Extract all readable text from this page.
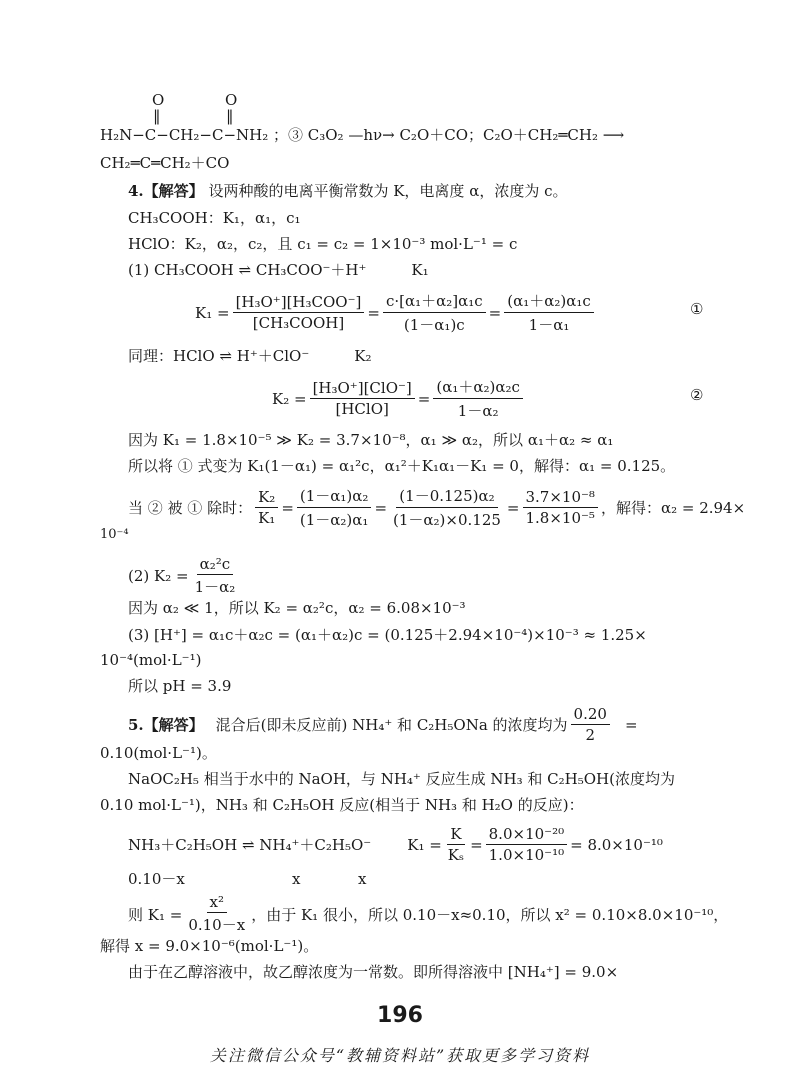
O	O
‖	‖
H₂N−C−CH₂−C−NH₂ ；③ C₃O₂ —hν→ C₂O＋CO；C₂O＋CH₂═CH₂ ⟶
CH₂═C═CH₂＋CO
4.【解答】 设两种酸的电离平衡常数为 K，电离度 α，浓度为 c。
CH₃COOH：K₁，α₁，c₁
HClO：K₂，α₂，c₂，且 c₁ = c₂ = 1×10⁻³ mol·L⁻¹ = c
(1) CH₃COOH ⇌ CH₃COO⁻＋H⁺　　　K₁
$K_1 = \frac{\text{[H₃O⁺][H₃COO⁻]}}{\text{[CH₃COOH]}} = \frac{\text{c·[α₁＋α₂]α₁c}}{\text{(1－α₁)c}} = \frac{\text{(α₁＋α₂)α₁c}}{\text{1－α₁}}$	①
同理：HClO ⇌ H⁺＋ClO⁻　　　K₂
$K_2 = \frac{\text{[H₃O⁺][ClO⁻]}}{\text{[HClO]}} = \frac{\text{(α₁＋α₂)α₂c}}{\text{1－α₂}}$	②
因为 K₁ = 1.8×10⁻⁵ ≫ K₂ = 3.7×10⁻⁸，α₁ ≫ α₂，所以 α₁＋α₂ ≈ α₁
所以将 ① 式变为 K₁(1－α₁) = α₁²c，α₁²＋K₁α₁－K₁ = 0，解得：α₁ = 0.125。
当 ② 被 ① 除时： $\frac{\text{K₂}}{\text{K₁}} = \frac{\text{(1－α₁)α₂}}{\text{(1－α₂)α₁}} = \frac{\text{(1－0.125)α₂}}{\text{(1－α₂)×0.125}} = \frac{\text{3.7×10⁻⁸}}{\text{1.8×10⁻⁵}}$ ，解得：α₂ = 2.94×
10⁻⁴
(2) $K_2 = \frac{\text{α₂²c}}{\text{1－α₂}}$
因为 α₂ ≪ 1，所以 K₂ = α₂²c，α₂ = 6.08×10⁻³
(3) [H⁺] = α₁c＋α₂c = (α₁＋α₂)c = (0.125＋2.94×10⁻⁴)×10⁻³ ≈ 1.25×
10⁻⁴(mol·L⁻¹)
所以 pH = 3.9
5.【解答】 混合后(即未反应前) NH₄⁺ 和 C₂H₅ONa 的浓度均为 $\frac{0.20}{2}$ =
0.10(mol·L⁻¹)。
NaOC₂H₅ 相当于水中的 NaOH，与 NH₄⁺ 反应生成 NH₃ 和 C₂H₅OH(浓度均为
0.10 mol·L⁻¹)，NH₃ 和 C₂H₅OH 反应(相当于 NH₃ 和 H₂O 的反应)：
NH₃＋C₂H₅OH ⇌ NH₄⁺＋C₂H₅O⁻ $K_1 = \frac{K}{\text{Kₛ}} = \frac{\text{8.0×10⁻²⁰}}{\text{1.0×10⁻¹⁰}} = 8.0\times 10^{-10}$
0.10－x	x	x
则 $K_1 = \frac{\text{x²}}{0.10-x}$ ，由于 K₁ 很小，所以 0.10－x≈0.10，所以 x² = 0.10×8.0×10⁻¹⁰，
解得 x = 9.0×10⁻⁶(mol·L⁻¹)。
由于在乙醇溶液中，故乙醇浓度为一常数。即所得溶液中 [NH₄⁺] = 9.0×
196
关注微信公众号“教辅资料站”获取更多学习资料
